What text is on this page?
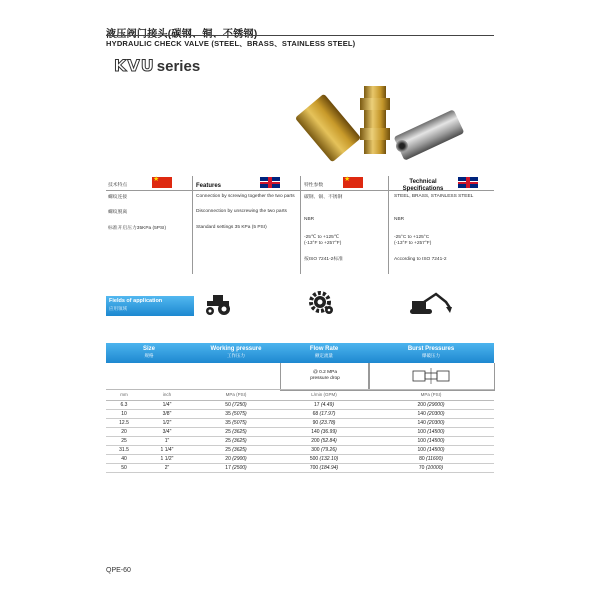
HYDRAULIC CHECK VALVE (STEEL、BRASS、STAINLESS STEEL)
KVU series
技术特点
★	Features	特性参数
★
Technical Specifications
螺纹连接
螺纹脱离
标准开启压力35KPa (5PSI)
Connection by screwing together the two parts
Disconnection by unscrewing the two parts
Standard settings 35 KPa (5 PSI)
碳钢、铜、不锈钢
NBR
-25℃ to +125℃
(-13°F to +257°F)
按ISO 7241-2标准
STEEL, BRASS, STAINLESS STEEL
NBR
-25°C to +125°C
(-13°F to +257°F)
According to ISO 7241-2
Fields of application
应用领域
Size
规格
Working pressure
工作压力
Flow Rate
额定流量
Burst Pressures
爆破压力
@ 0.2 MPa
pressure drop
mm	inch	MPa (PSI)	L/min (GPM)	MPa (PSI)
6.3	1/4"	50 (7250)	17 (4.49)	200 (29000)
10	3/8"	35 (5075)	68 (17.97)	140 (20300)
12.5	1/2"	35 (5075)	90 (23.78)	140 (20300)
20	3/4"	25 (3625)	140 (36.99)	100 (14500)
25	1"	25 (3625)	200 (52.84)	100 (14500)
31.5	1 1/4"	25 (3625)	300 (79.26)	100 (14500)
40	1 1/2"	20 (2900)	500 (132.10)	80 (11600)
50	2"	17 (2500)	700 (184.94)	70 (10000)
QPE-60
